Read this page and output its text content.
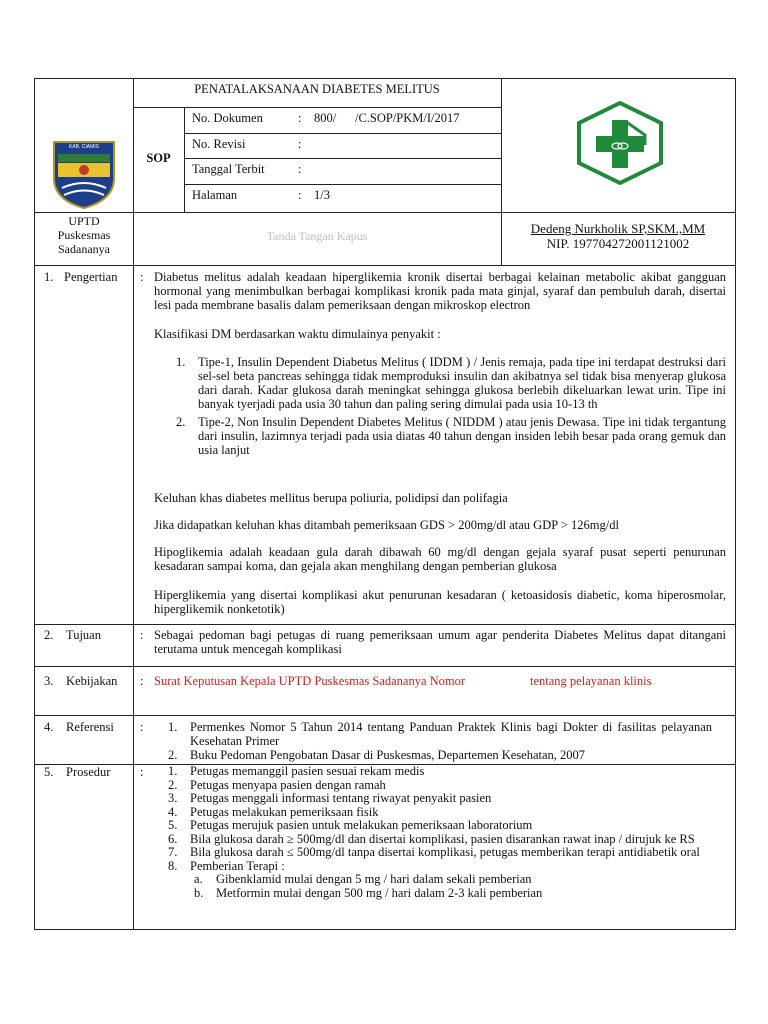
KAB. CIAMIS
UPTD
Puskesmas
Sadananya
PENATALAKSANAAN DIABETES MELITUS
SOP
No. Dokumen	: 800/      /C.SOP/PKM/I/2017
No. Revisi	:
Tanggal Terbit	:
Halaman	: 1/3
Tanda Tangan Kapus	Dedeng Nurkholik SP,SKM.,MM
NIP. 197704272001121002
1. Pengertian : Diabetus melitus adalah keadaan hiperglikemia kronik disertai berbagai kelainan metabolic akibat gangguan hormonal yang menimbulkan berbagai komplikasi kronik pada mata ginjal, syaraf dan pembuluh darah, disertai lesi pada membrane basalis dalam pemeriksaan dengan mikroskop electron
Klasifikasi DM berdasarkan waktu dimulainya penyakit :
1. Tipe-1, Insulin Dependent Diabetus Melitus ( IDDM ) / Jenis remaja, pada tipe ini terdapat destruksi dari sel-sel beta pancreas sehingga tidak memproduksi insulin dan akibatnya sel tidak bisa menyerap glukosa dari darah. Kadar glukosa darah meningkat sehingga glukosa berlebih dikeluarkan lewat urin. Tipe ini banyak tyerjadi pada usia 30 tahun dan paling sering dimulai pada usia 10-13 th
2. Tipe-2, Non Insulin Dependent Diabetes Melitus ( NIDDM ) atau jenis Dewasa. Tipe ini tidak tergantung dari insulin, lazimnya terjadi pada usia diatas 40 tahun dengan insiden lebih besar pada orang gemuk dan usia lanjut
Keluhan khas diabetes mellitus berupa poliuria, polidipsi dan polifagia
Jika didapatkan keluhan khas ditambah pemeriksaan GDS > 200mg/dl atau GDP > 126mg/dl
Hipoglikemia adalah keadaan gula darah dibawah 60 mg/dl dengan gejala syaraf pusat seperti penurunan kesadaran sampai koma, dan gejala akan menghilang dengan pemberian glukosa
Hiperglikemia yang disertai komplikasi akut penurunan kesadaran ( ketoasidosis diabetic, koma hiperosmolar, hiperglikemik nonketotik)
2. Tujuan	: Sebagai pedoman bagi petugas di ruang pemeriksaan umum agar penderita Diabetes Melitus dapat ditangani terutama untuk mencegah komplikasi
3. Kebijakan : Surat Keputusan Kepala UPTD Puskesmas Sadananya Nomor	tentang pelayanan klinis
4. Referensi : 1. Permenkes Nomor 5 Tahun 2014 tentang Panduan Praktek Klinis bagi Dokter di fasilitas pelayanan Kesehatan Primer
2. Buku Pedoman Pengobatan Dasar di Puskesmas, Departemen Kesehatan, 2007
5. Prosedur : 1. Petugas memanggil pasien sesuai rekam medis
2. Petugas menyapa pasien dengan ramah
3. Petugas menggali informasi tentang riwayat penyakit pasien
4. Petugas melakukan pemeriksaan fisik
5. Petugas merujuk pasien untuk melakukan pemeriksaan laboratorium
6. Bila glukosa darah ≥ 500mg/dl dan disertai komplikasi, pasien disarankan rawat inap / dirujuk ke RS
7. Bila glukosa darah ≤ 500mg/dl tanpa disertai komplikasi, petugas memberikan terapi antidiabetik oral
8. Pemberian Terapi :
a. Gibenklamid mulai dengan 5 mg / hari dalam sekali pemberian
b. Metformin mulai dengan 500 mg / hari dalam 2-3 kali pemberian
